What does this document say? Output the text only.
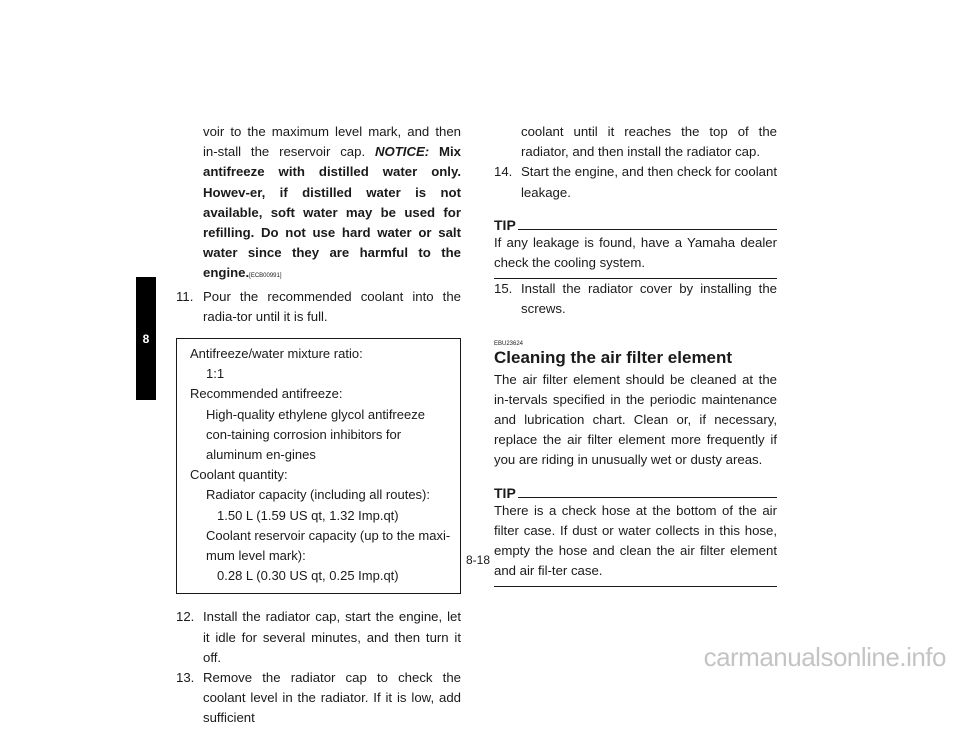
8
voir to the maximum level mark, and then in-stall the reservoir cap. NOTICE: Mix antifreeze with distilled water only. Howev-er, if distilled water is not available, soft water may be used for refilling. Do not use hard water or salt water since they are harmful to the engine.[ECB00991]
11. Pour the recommended coolant into the radia-tor until it is full.
Antifreeze/water mixture ratio:
1:1
Recommended antifreeze:
High-quality ethylene glycol antifreeze con-taining corrosion inhibitors for aluminum en-gines
Coolant quantity:
Radiator capacity (including all routes):
1.50 L (1.59 US qt, 1.32 Imp.qt)
Coolant reservoir capacity (up to the maxi-mum level mark):
0.28 L (0.30 US qt, 0.25 Imp.qt)
12. Install the radiator cap, start the engine, let it idle for several minutes, and then turn it off.
13. Remove the radiator cap to check the coolant level in the radiator. If it is low, add sufficient
coolant until it reaches the top of the radiator, and then install the radiator cap.
14. Start the engine, and then check for coolant leakage.
TIP
If any leakage is found, have a Yamaha dealer check the cooling system.
15. Install the radiator cover by installing the screws.
EBU23624
Cleaning the air filter element
The air filter element should be cleaned at the in-tervals specified in the periodic maintenance and lubrication chart. Clean or, if necessary, replace the air filter element more frequently if you are riding in unusually wet or dusty areas.
TIP
There is a check hose at the bottom of the air filter case. If dust or water collects in this hose, empty the hose and clean the air filter element and air fil-ter case.
8-18
carmanualsonline.info
